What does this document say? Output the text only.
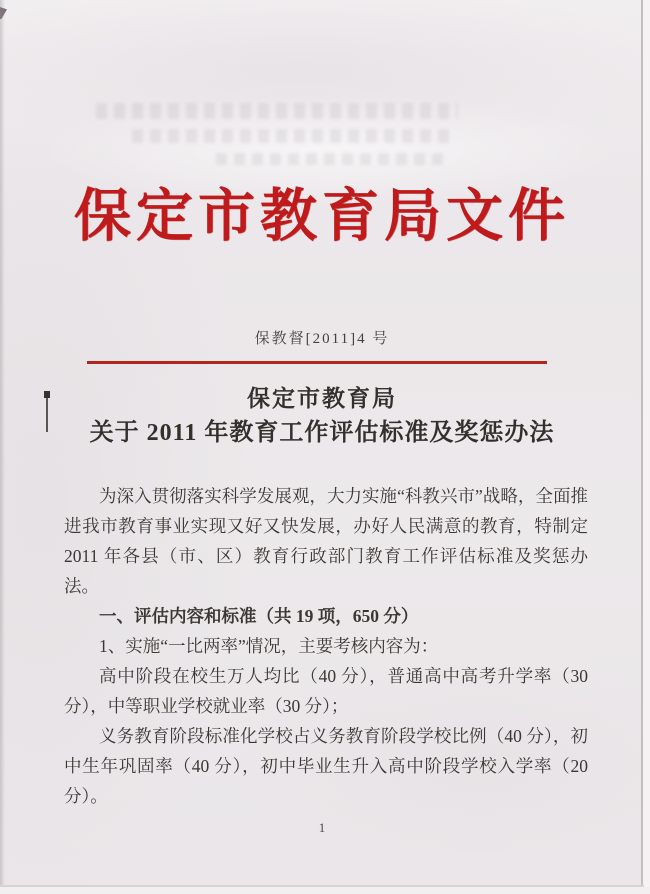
保定市教育局文件
保教督[2011]4 号
保定市教育局
关于 2011 年教育工作评估标准及奖惩办法

为深入贯彻落实科学发展观，大力实施“科教兴市”战略，全面推进我市教育事业实现又好又快发展，办好人民满意的教育，特制定 2011 年各县（市、区）教育行政部门教育工作评估标准及奖惩办法。

一、评估内容和标准（共 19 项，650 分）

1、实施“一比两率”情况，主要考核内容为：

高中阶段在校生万人均比（40 分），普通高中高考升学率（30分），中等职业学校就业率（30 分）；

义务教育阶段标准化学校占义务教育阶段学校比例（40 分），初中生年巩固率（40 分），初中毕业生升入高中阶段学校入学率（20 分）。

1
